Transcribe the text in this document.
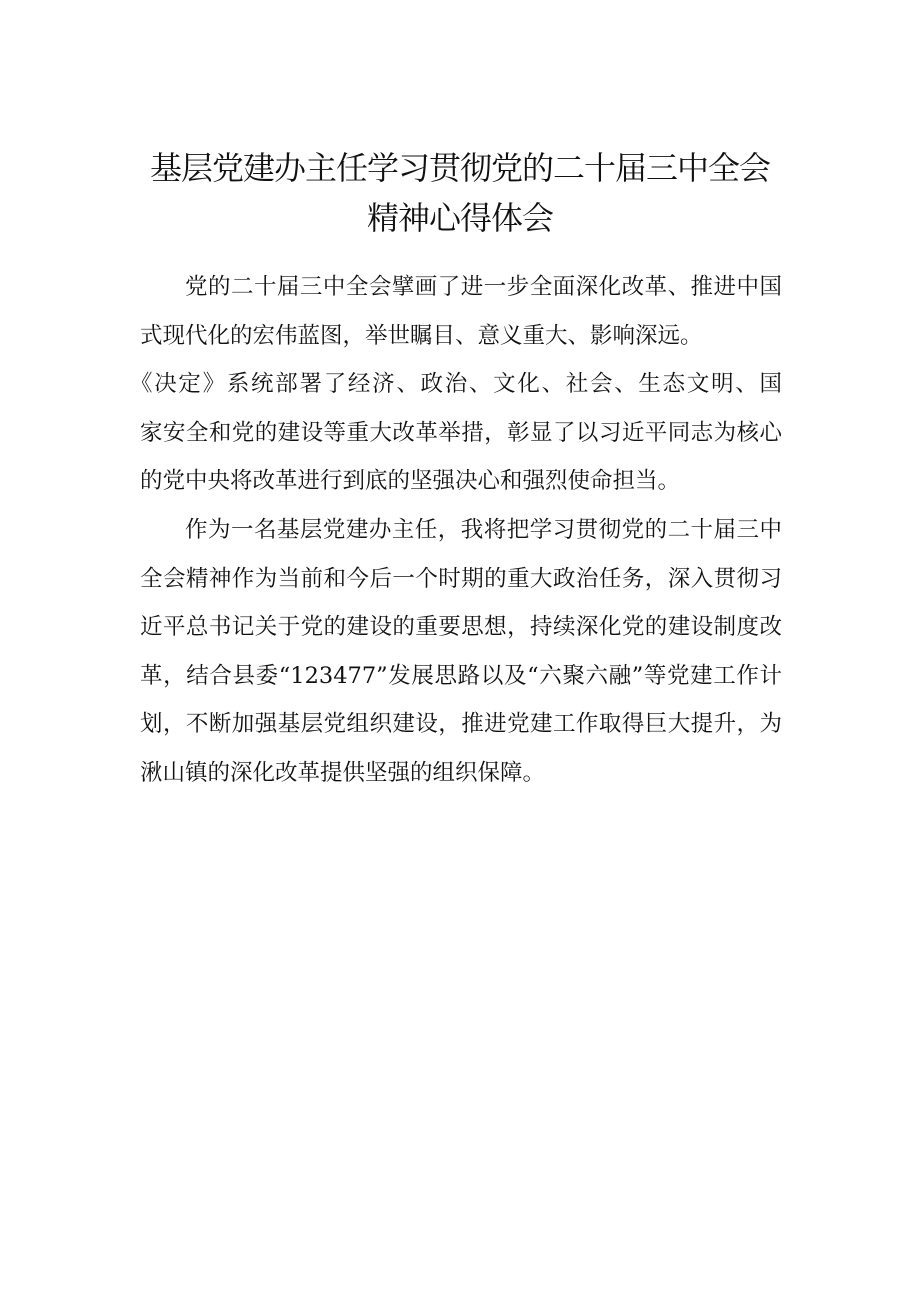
基层党建办主任学习贯彻党的二十届三中全会
精神心得体会
党的二十届三中全会擘画了进一步全面深化改革、推进中国
式现代化的宏伟蓝图，举世瞩目、意义重大、影响深远。
《决定》系统部署了经济、政治、文化、社会、生态文明、国
家安全和党的建设等重大改革举措，彰显了以习近平同志为核心
的党中央将改革进行到底的坚强决心和强烈使命担当。
作为一名基层党建办主任，我将把学习贯彻党的二十届三中
全会精神作为当前和今后一个时期的重大政治任务，深入贯彻习
近平总书记关于党的建设的重要思想，持续深化党的建设制度改
革，结合县委“123477”发展思路以及“六聚六融”等党建工作计
划，不断加强基层党组织建设，推进党建工作取得巨大提升，为
湫山镇的深化改革提供坚强的组织保障。
